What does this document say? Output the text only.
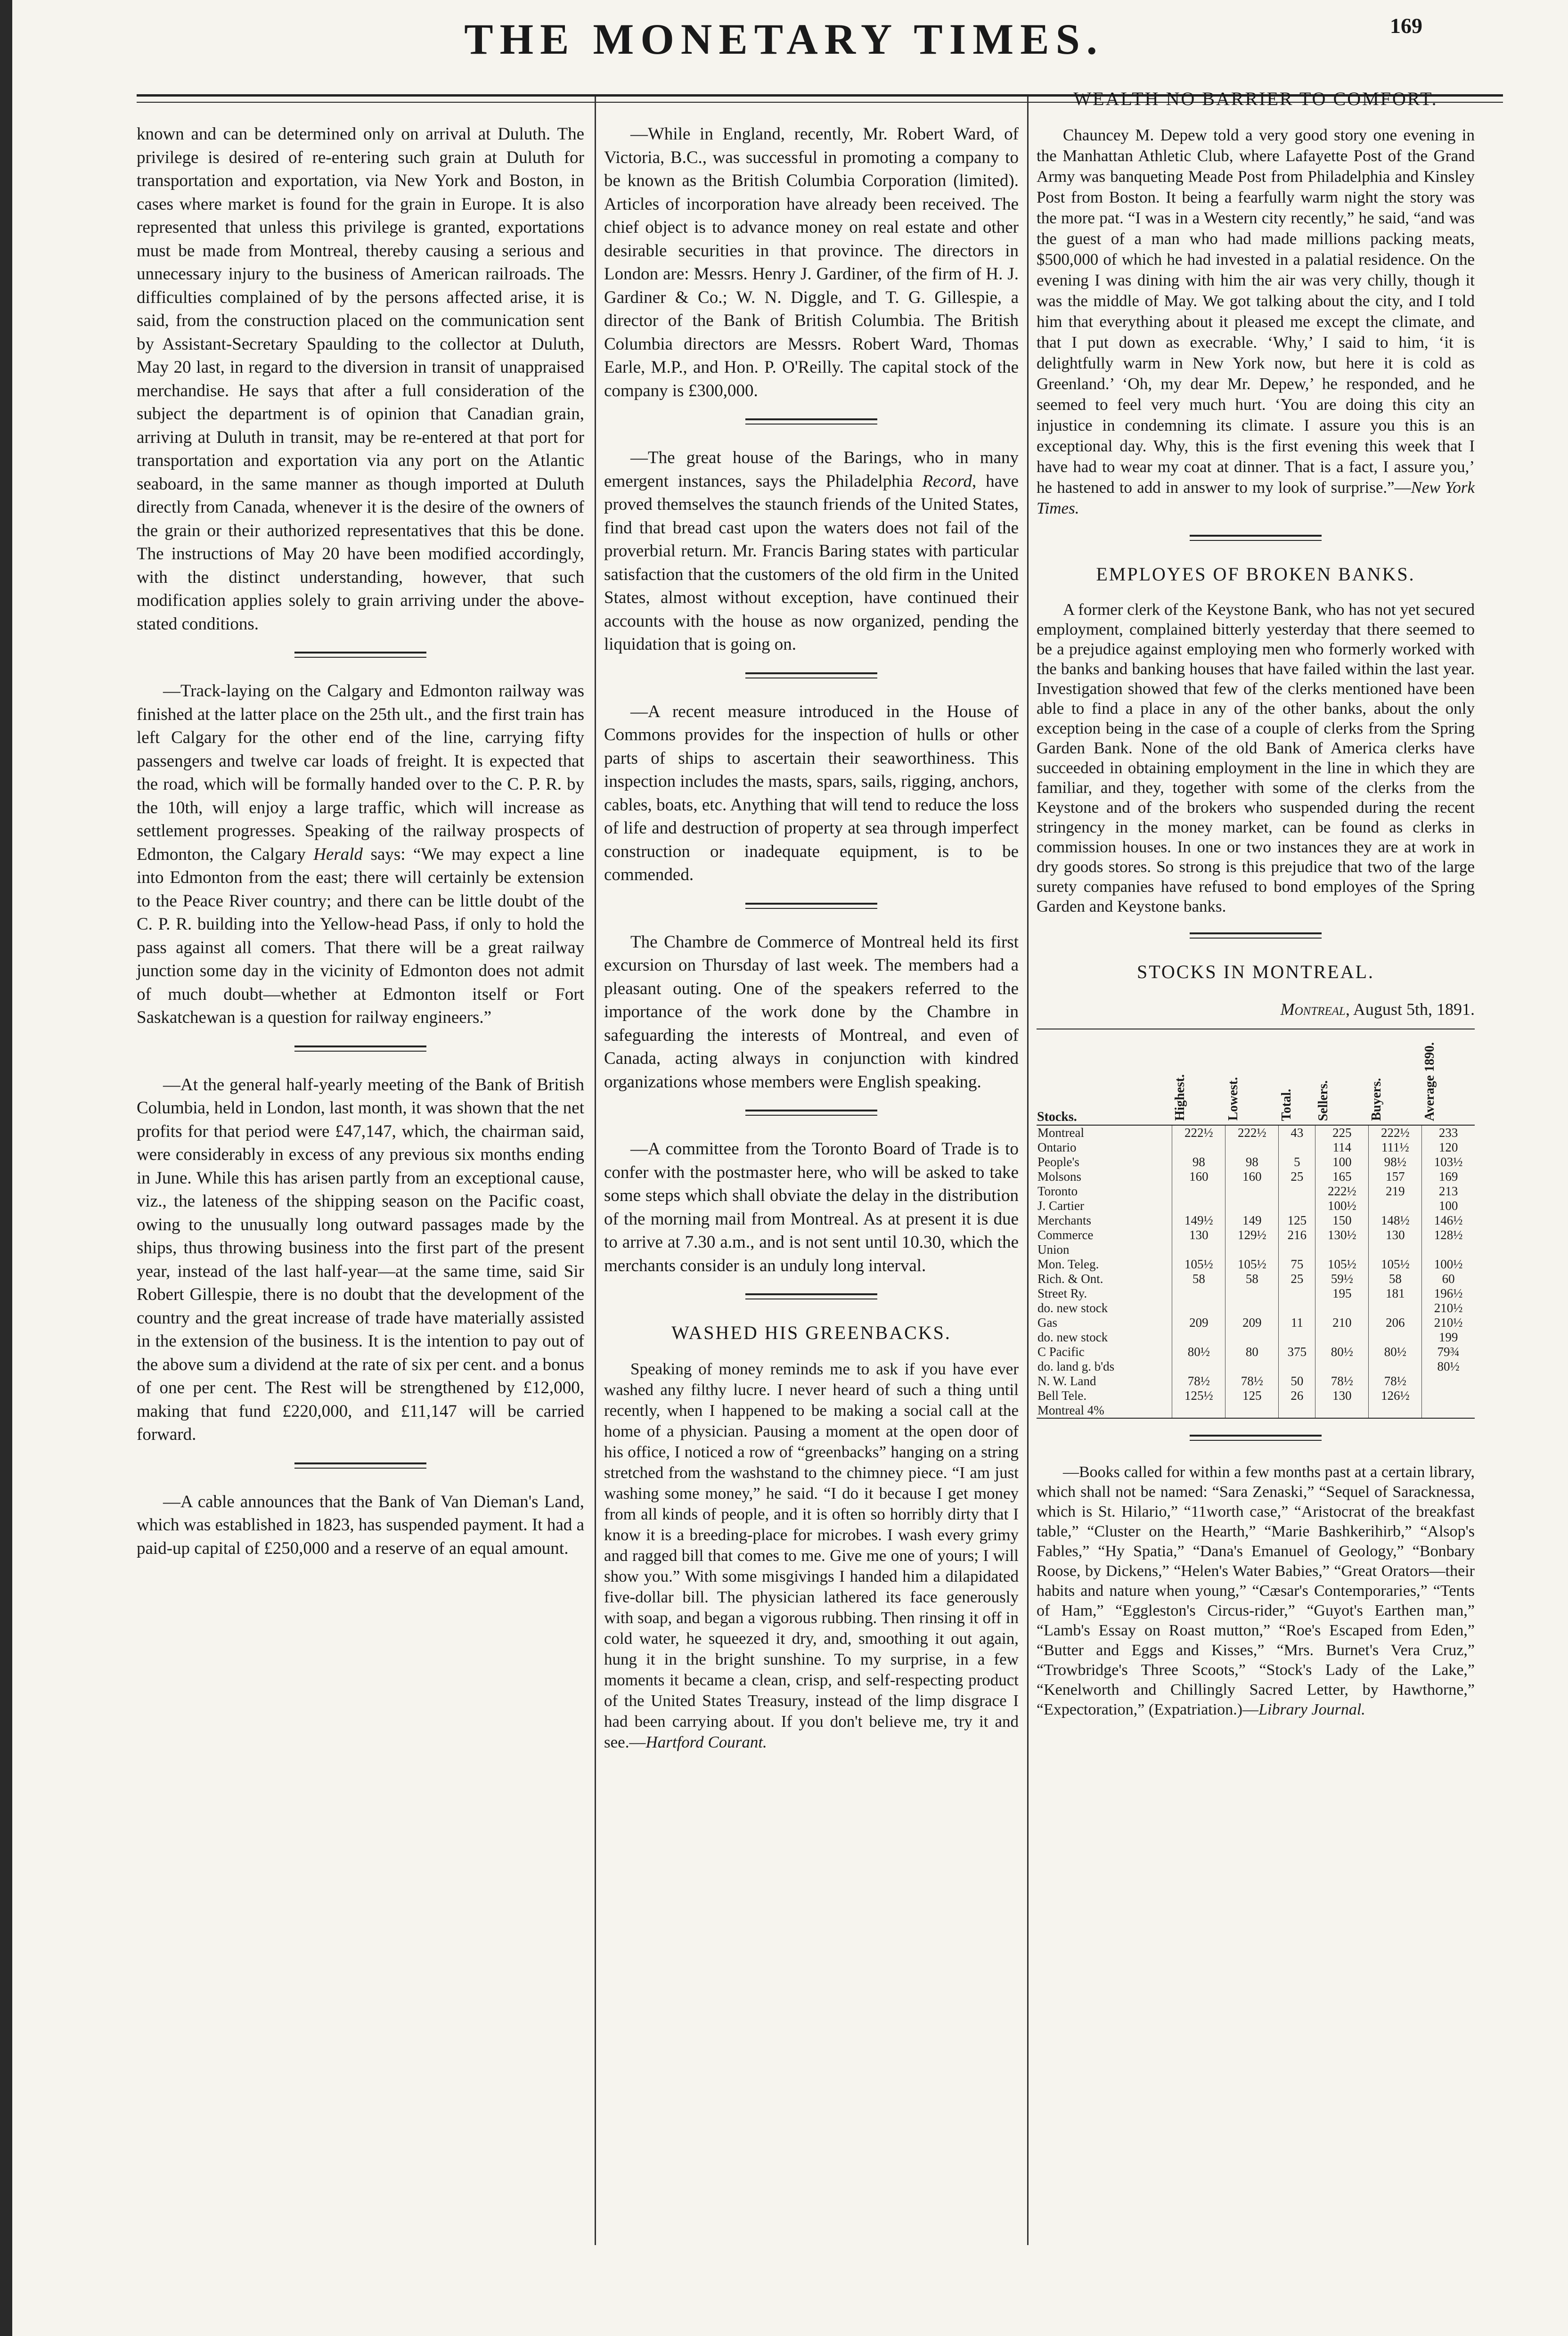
169
THE MONETARY TIMES.

known and can be determined only on arrival at Duluth. The privilege is desired of re-entering such grain at Duluth for transportation and exportation, via New York and Boston, in cases where market is found for the grain in Europe. It is also represented that unless this privilege is granted, exportations must be made from Montreal, thereby causing a serious and unnecessary injury to the business of American railroads. The difficulties complained of by the persons affected arise, it is said, from the construction placed on the communication sent by Assistant-Secretary Spaulding to the collector at Duluth, May 20 last, in regard to the diversion in transit of unappraised merchandise. He says that after a full consideration of the subject the department is of opinion that Canadian grain, arriving at Duluth in transit, may be re-entered at that port for transportation and exportation via any port on the Atlantic seaboard, in the same manner as though imported at Duluth directly from Canada, whenever it is the desire of the owners of the grain or their authorized representatives that this be done. The instructions of May 20 have been modified accordingly, with the distinct understanding, however, that such modification applies solely to grain arriving under the above-stated conditions.

—Track-laying on the Calgary and Edmonton railway was finished at the latter place on the 25th ult., and the first train has left Calgary for the other end of the line, carrying fifty passengers and twelve car loads of freight. It is expected that the road, which will be formally handed over to the C. P. R. by the 10th, will enjoy a large traffic, which will increase as settlement progresses. Speaking of the railway prospects of Edmonton, the Calgary Herald says: “We may expect a line into Edmonton from the east; there will certainly be extension to the Peace River country; and there can be little doubt of the C. P. R. building into the Yellow-head Pass, if only to hold the pass against all comers. That there will be a great railway junction some day in the vicinity of Edmonton does not admit of much doubt—whether at Edmonton itself or Fort Saskatchewan is a question for railway engineers.”

—At the general half-yearly meeting of the Bank of British Columbia, held in London, last month, it was shown that the net profits for that period were £47,147, which, the chairman said, were considerably in excess of any previous six months ending in June. While this has arisen partly from an exceptional cause, viz., the lateness of the shipping season on the Pacific coast, owing to the unusually long outward passages made by the ships, thus throwing business into the first part of the present year, instead of the last half-year—at the same time, said Sir Robert Gillespie, there is no doubt that the development of the country and the great increase of trade have materially assisted in the extension of the business. It is the intention to pay out of the above sum a dividend at the rate of six per cent. and a bonus of one per cent. The Rest will be strengthened by £12,000, making that fund £220,000, and £11,147 will be carried forward.

—A cable announces that the Bank of Van Dieman's Land, which was established in 1823, has suspended payment. It had a paid-up capital of £250,000 and a reserve of an equal amount.

—While in England, recently, Mr. Robert Ward, of Victoria, B.C., was successful in promoting a company to be known as the British Columbia Corporation (limited). Articles of incorporation have already been received. The chief object is to advance money on real estate and other desirable securities in that province. The directors in London are: Messrs. Henry J. Gardiner, of the firm of H. J. Gardiner & Co.; W. N. Diggle, and T. G. Gillespie, a director of the Bank of British Columbia. The British Columbia directors are Messrs. Robert Ward, Thomas Earle, M.P., and Hon. P. O'Reilly. The capital stock of the company is £300,000.

—The great house of the Barings, who in many emergent instances, says the Philadelphia Record, have proved themselves the staunch friends of the United States, find that bread cast upon the waters does not fail of the proverbial return. Mr. Francis Baring states with particular satisfaction that the customers of the old firm in the United States, almost without exception, have continued their accounts with the house as now organized, pending the liquidation that is going on.

—A recent measure introduced in the House of Commons provides for the inspection of hulls or other parts of ships to ascertain their seaworthiness. This inspection includes the masts, spars, sails, rigging, anchors, cables, boats, etc. Anything that will tend to reduce the loss of life and destruction of property at sea through imperfect construction or inadequate equipment, is to be commended.

The Chambre de Commerce of Montreal held its first excursion on Thursday of last week. The members had a pleasant outing. One of the speakers referred to the importance of the work done by the Chambre in safeguarding the interests of Montreal, and even of Canada, acting always in conjunction with kindred organizations whose members were English speaking.

—A committee from the Toronto Board of Trade is to confer with the postmaster here, who will be asked to take some steps which shall obviate the delay in the distribution of the morning mail from Montreal. As at present it is due to arrive at 7.30 a.m., and is not sent until 10.30, which the merchants consider is an unduly long interval.

WASHED HIS GREENBACKS.

Speaking of money reminds me to ask if you have ever washed any filthy lucre. I never heard of such a thing until recently, when I happened to be making a social call at the home of a physician. Pausing a moment at the open door of his office, I noticed a row of “greenbacks” hanging on a string stretched from the washstand to the chimney piece. “I am just washing some money,” he said. “I do it because I get money from all kinds of people, and it is often so horribly dirty that I know it is a breeding-place for microbes. I wash every grimy and ragged bill that comes to me. Give me one of yours; I will show you.” With some misgivings I handed him a dilapidated five-dollar bill. The physician lathered its face generously with soap, and began a vigorous rubbing. Then rinsing it off in cold water, he squeezed it dry, and, smoothing it out again, hung it in the bright sunshine. To my surprise, in a few moments it became a clean, crisp, and self-respecting product of the United States Treasury, instead of the limp disgrace I had been carrying about. If you don't believe me, try it and see.—Hartford Courant.

WEALTH NO BARRIER TO COMFORT.

Chauncey M. Depew told a very good story one evening in the Manhattan Athletic Club, where Lafayette Post of the Grand Army was banqueting Meade Post from Philadelphia and Kinsley Post from Boston. It being a fearfully warm night the story was the more pat. “I was in a Western city recently,” he said, “and was the guest of a man who had made millions packing meats, $500,000 of which he had invested in a palatial residence. On the evening I was dining with him the air was very chilly, though it was the middle of May. We got talking about the city, and I told him that everything about it pleased me except the climate, and that I put down as execrable. ‘Why,’ I said to him, ‘it is delightfully warm in New York now, but here it is cold as Greenland.’ ‘Oh, my dear Mr. Depew,’ he responded, and he seemed to feel very much hurt. ‘You are doing this city an injustice in condemning its climate. I assure you this is an exceptional day. Why, this is the first evening this week that I have had to wear my coat at dinner. That is a fact, I assure you,’ he hastened to add in answer to my look of surprise.”—New York Times.

EMPLOYES OF BROKEN BANKS.

A former clerk of the Keystone Bank, who has not yet secured employment, complained bitterly yesterday that there seemed to be a prejudice against employing men who formerly worked with the banks and banking houses that have failed within the last year. Investigation showed that few of the clerks mentioned have been able to find a place in any of the other banks, about the only exception being in the case of a couple of clerks from the Spring Garden Bank. None of the old Bank of America clerks have succeeded in obtaining employment in the line in which they are familiar, and they, together with some of the clerks from the Keystone and of the brokers who suspended during the recent stringency in the money market, can be found as clerks in commission houses. In one or two instances they are at work in dry goods stores. So strong is this prejudice that two of the large surety companies have refused to bond employes of the Spring Garden and Keystone banks.

STOCKS IN MONTREAL.
Montreal, August 5th, 1891.
Stocks.	Highest.	Lowest.	Total.	Sellers.	Buyers.	Average 1890.
Montreal	222½	222½	43	225	222½	233
Ontario				114	111½	120
People's	98	98	5	100	98½	103½
Molsons	160	160	25	165	157	169
Toronto				222½	219	213
J. Cartier				100½		100
Merchants	149½	149	125	150	148½	146½
Commerce	130	129½	216	130½	130	128½
Union						
Mon. Teleg.	105½	105½	75	105½	105½	100½
Rich. & Ont.	58	58	25	59½	58	60
Street Ry.				195	181	196½
do. new stock						210½
Gas	209	209	11	210	206	210½
do. new stock						199
C Pacific	80½	80	375	80½	80½	79¾
do. land g. b'ds						80½
N. W. Land	78½	78½	50	78½	78½	
Bell Tele.	125½	125	26	130	126½	
Montreal 4%						

—Books called for within a few months past at a certain library, which shall not be named: “Sara Zenaski,” “Sequel of Saracknessa, which is St. Hilario,” “11worth case,” “Aristocrat of the breakfast table,” “Cluster on the Hearth,” “Marie Bashkerihirb,” “Alsop's Fables,” “Hy Spatia,” “Dana's Emanuel of Geology,” “Bonbary Roose, by Dickens,” “Helen's Water Babies,” “Great Orators—their habits and nature when young,” “Cæsar's Contemporaries,” “Tents of Ham,” “Eggleston's Circus-rider,” “Guyot's Earthen man,” “Lamb's Essay on Roast mutton,” “Roe's Escaped from Eden,” “Butter and Eggs and Kisses,” “Mrs. Burnet's Vera Cruz,” “Trowbridge's Three Scoots,” “Stock's Lady of the Lake,” “Kenelworth and Chillingly Sacred Letter, by Hawthorne,” “Expectoration,” (Expatriation.)—Library Journal.
